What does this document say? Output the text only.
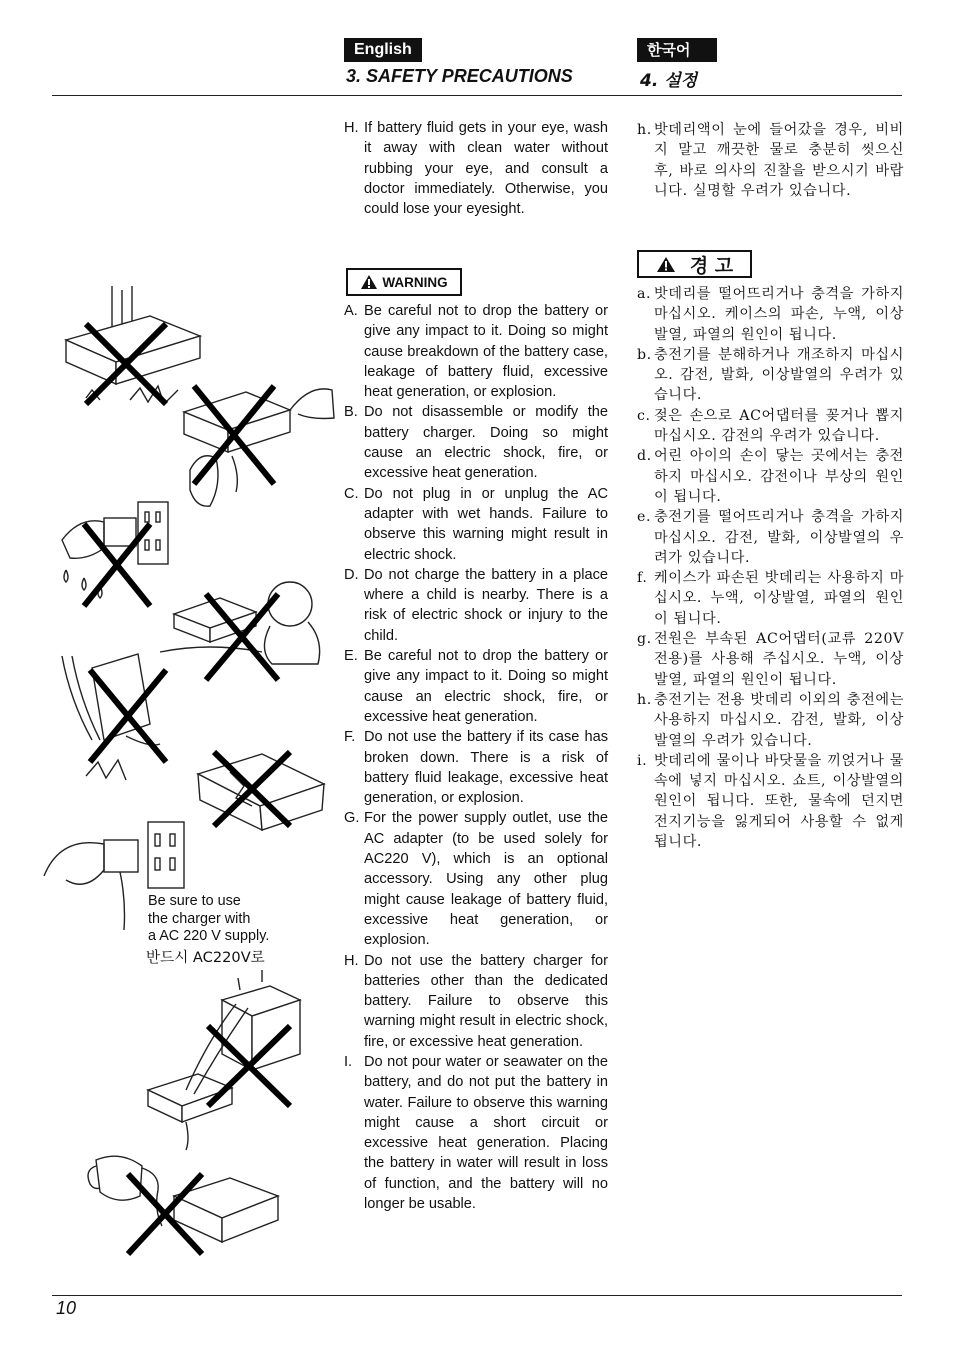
English	한국어
3. SAFETY PRECAUTIONS	4. 설정
H. If battery fluid gets in your eye, wash it away with clean water without rubbing your eye, and consult a doctor immediately. Otherwise, you could lose your eyesight.
WARNING
A. Be careful not to drop the battery or give any impact to it. Doing so might cause breakdown of the battery case, leakage of battery fluid, excessive heat generation, or explosion.
B. Do not disassemble or modify the battery charger. Doing so might cause an electric shock, fire, or excessive heat generation.
C. Do not plug in or unplug the AC adapter with wet hands. Failure to observe this warning might result in electric shock.
D. Do not charge the battery in a place where a child is nearby. There is a risk of electric shock or injury to the child.
E. Be careful not to drop the battery or give any impact to it. Doing so might cause an electric shock, fire, or excessive heat generation.
F. Do not use the battery if its case has broken down. There is a risk of battery fluid leakage, excessive heat generation, or explosion.
G. For the power supply outlet, use the AC adapter (to be used solely for AC220 V), which is an optional accessory. Using any other plug might cause leakage of battery fluid, excessive heat generation, or explosion.
H. Do not use the battery charger for batteries other than the dedicated battery. Failure to observe this warning might result in electric shock, fire, or excessive heat generation.
I. Do not pour water or seawater on the battery, and do not put the battery in water. Failure to observe this warning might cause a short circuit or excessive heat generation. Placing the battery in water will result in loss of function, and the battery will no longer be usable.
h. 밧데리액이 눈에 들어갔을 경우, 비비지 말고 깨끗한 물로 충분히 씻으신 후, 바로 의사의 진찰을 받으시기 바랍니다. 실명할 우려가 있습니다.
경 고
a. 밧데리를 떨어뜨리거나 충격을 가하지 마십시오. 케이스의 파손, 누액, 이상발열, 파열의 원인이 됩니다.
b. 충전기를 분해하거나 개조하지 마십시오. 감전, 발화, 이상발열의 우려가 있습니다.
c. 젖은 손으로 AC어댑터를 꽂거나 뽑지 마십시오. 감전의 우려가 있습니다.
d. 어린 아이의 손이 닿는 곳에서는 충전하지 마십시오. 감전이나 부상의 원인이 됩니다.
e. 충전기를 떨어뜨리거나 충격을 가하지 마십시오. 감전, 발화, 이상발열의 우려가 있습니다.
f. 케이스가 파손된 밧데리는 사용하지 마십시오. 누액, 이상발열, 파열의 원인이 됩니다.
g. 전원은 부속된 AC어댑터(교류 220V 전용)를 사용해 주십시오. 누액, 이상발열, 파열의 원인이 됩니다.
h. 충전기는 전용 밧데리 이외의 충전에는 사용하지 마십시오. 감전, 발화, 이상발열의 우려가 있습니다.
i. 밧데리에 물이나 바닷물을 끼얹거나 물속에 넣지 마십시오. 쇼트, 이상발열의 원인이 됩니다. 또한, 물속에 던지면 전지기능을 잃게되어 사용할 수 없게 됩니다.
Be sure to use
the charger with
a AC 220 V supply.
반드시 AC220V로
10
